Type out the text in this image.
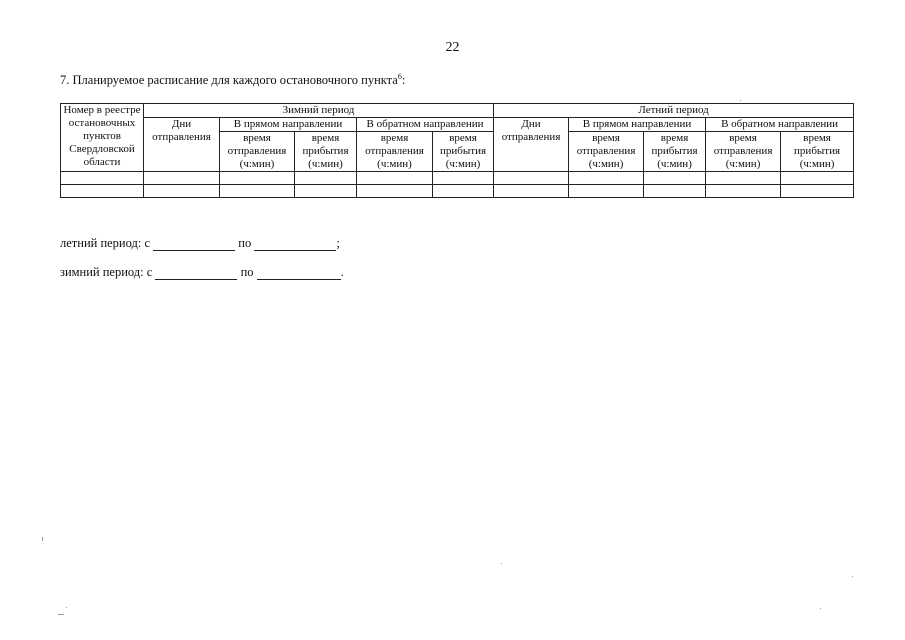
22
7. Планируемое расписание для каждого остановочного пункта$^6$:
Номер в реестре остановочных пунктов Свердловской области	Зимний период					Летний период				
	Дни отправления	В прямом направлении		В обратном направлении		Дни отправления	В прямом направлении		В обратном направлении	
		время отправления (ч:мин)	время прибытия (ч:мин)	время отправления (ч:мин)	время прибытия (ч:мин)		время отправления (ч:мин)	время прибытия (ч:мин)	время отправления (ч:мин)	время прибытия (ч:мин)

летний период: с	по	;
зимний период: с	по	.
